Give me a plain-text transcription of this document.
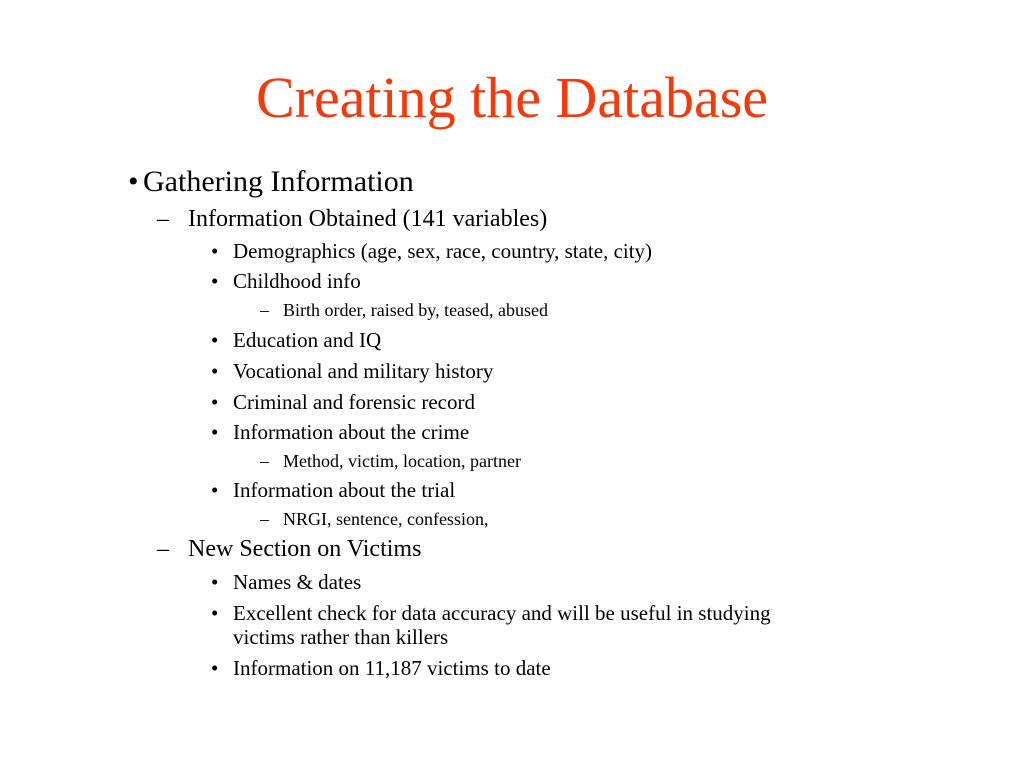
Creating the Database
• Gathering Information
– Information Obtained (141 variables)
• Demographics (age, sex, race, country, state, city)
• Childhood info
– Birth order, raised by, teased, abused
• Education and IQ
• Vocational and military history
• Criminal and forensic record
• Information about the crime
– Method, victim, location, partner
• Information about the trial
– NRGI, sentence, confession,
– New Section on Victims
• Names & dates
• Excellent check for data accuracy and will be useful in studying
victims rather than killers
• Information on 11,187 victims to date
